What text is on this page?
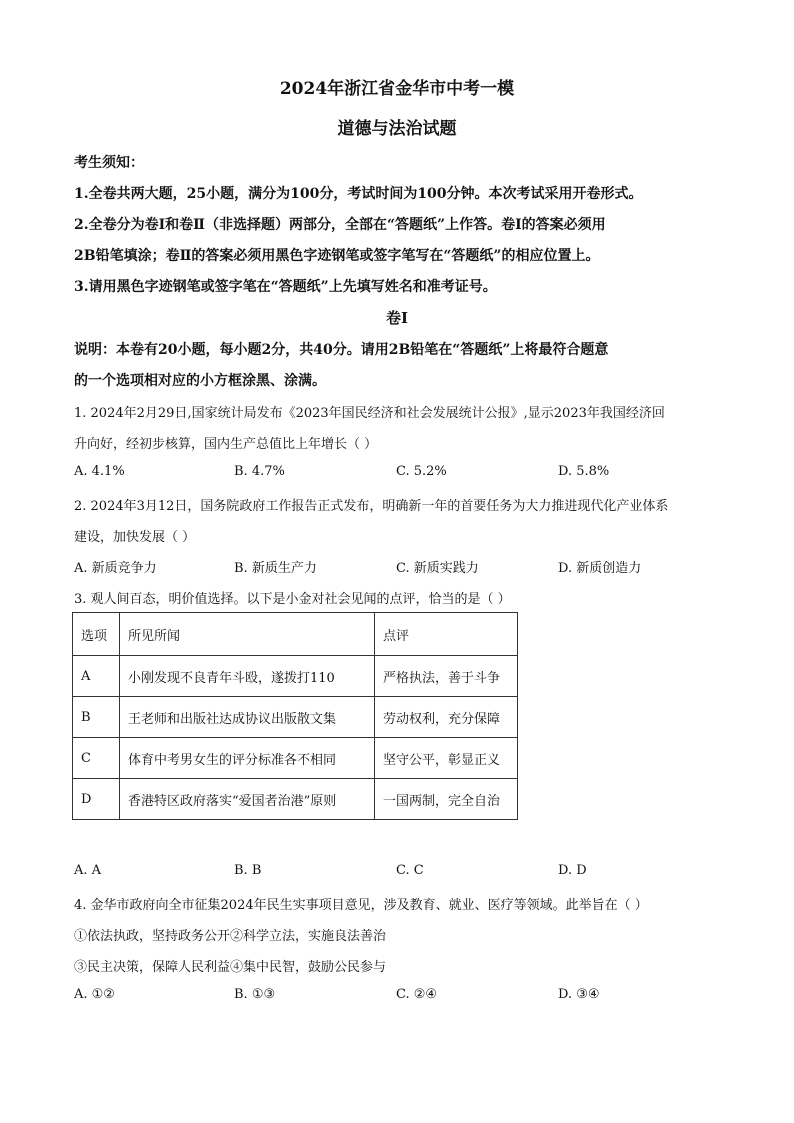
2024年浙江省金华市中考一模
道德与法治试题
考生须知：
1.全卷共两大题，25小题，满分为100分，考试时间为100分钟。本次考试采用开卷形式。
2.全卷分为卷Ⅰ和卷Ⅱ（非选择题）两部分，全部在“答题纸”上作答。卷Ⅰ的答案必须用
2B铅笔填涂；卷Ⅱ的答案必须用黑色字迹钢笔或签字笔写在“答题纸”的相应位置上。
3.请用黑色字迹钢笔或签字笔在“答题纸”上先填写姓名和准考证号。
卷Ⅰ
说明：本卷有20小题，每小题2分，共40分。请用2B铅笔在“答题纸”上将最符合题意
的一个选项相对应的小方框涂黑、涂满。
1. 2024年2月29日,国家统计局发布《2023年国民经济和社会发展统计公报》,显示2023年我国经济回
升向好，经初步核算，国内生产总值比上年增长（ ）
A. 4.1%	B. 4.7%	C. 5.2%	D. 5.8%
2. 2024年3月12日，国务院政府工作报告正式发布，明确新一年的首要任务为大力推进现代化产业体系
建设，加快发展（ ）
A. 新质竞争力	B. 新质生产力	C. 新质实践力	D. 新质创造力
3. 观人间百态，明价值选择。以下是小金对社会见闻的点评，恰当的是（ ）
选项	所见所闻	点评
A	小刚发现不良青年斗殴，遂拨打110	严格执法，善于斗争
B	王老师和出版社达成协议出版散文集	劳动权利，充分保障
C	体育中考男女生的评分标准各不相同	坚守公平，彰显正义
D	香港特区政府落实“爱国者治港”原则	一国两制，完全自治
A. A	B. B	C. C	D. D
4. 金华市政府向全市征集2024年民生实事项目意见，涉及教育、就业、医疗等领域。此举旨在（ ）
①依法执政，坚持政务公开②科学立法，实施良法善治
③民主决策，保障人民利益④集中民智，鼓励公民参与
A. ①②	B. ①③	C. ②④	D. ③④
